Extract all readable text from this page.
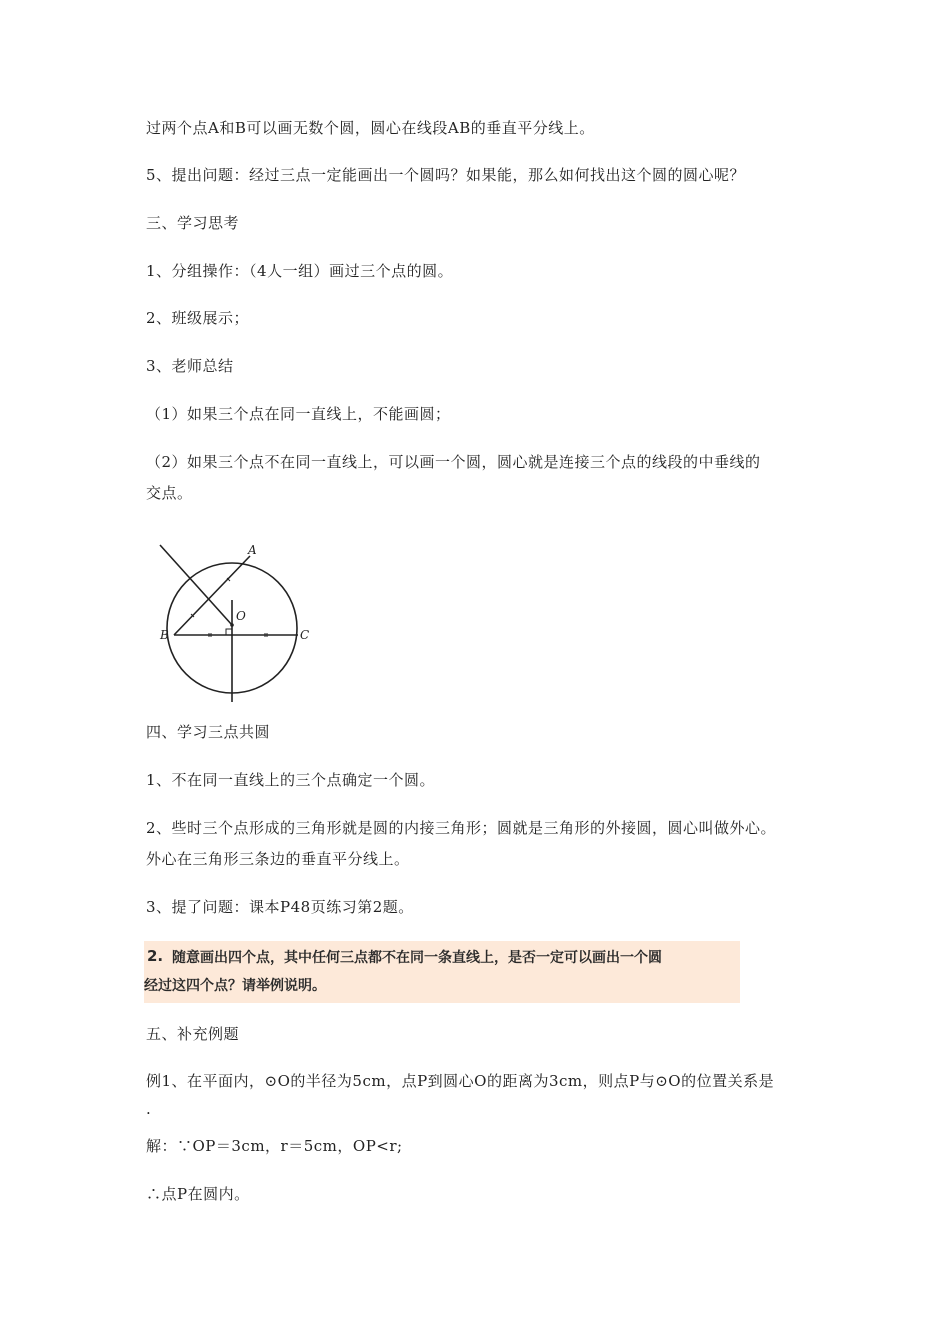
过两个点A和B可以画无数个圆，圆心在线段AB的垂直平分线上。
5、提出问题：经过三点一定能画出一个圆吗？如果能，那么如何找出这个圆的圆心呢？
三、学习思考
1、分组操作：（4人一组）画过三个点的圆。
2、班级展示；
3、老师总结
（1）如果三个点在同一直线上，不能画圆；
（2）如果三个点不在同一直线上，可以画一个圆，圆心就是连接三个点的线段的中垂线的
交点。
A
B	C
O
四、学习三点共圆
1、不在同一直线上的三个点确定一个圆。
2、些时三个点形成的三角形就是圆的内接三角形；圆就是三角形的外接圆，圆心叫做外心。
外心在三角形三条边的垂直平分线上。
3、提了问题：课本P48页练习第2题。
2. 随意画出四个点，其中任何三点都不在同一条直线上，是否一定可以画出一个圆
经过这四个点？请举例说明。
五、补充例题
例1、在平面内，⊙O的半径为5cm，点P到圆心O的距离为3cm，则点P与⊙O的位置关系是
.
解：∵OP＝3cm，r＝5cm，OP<r;
∴点P在圆内。
